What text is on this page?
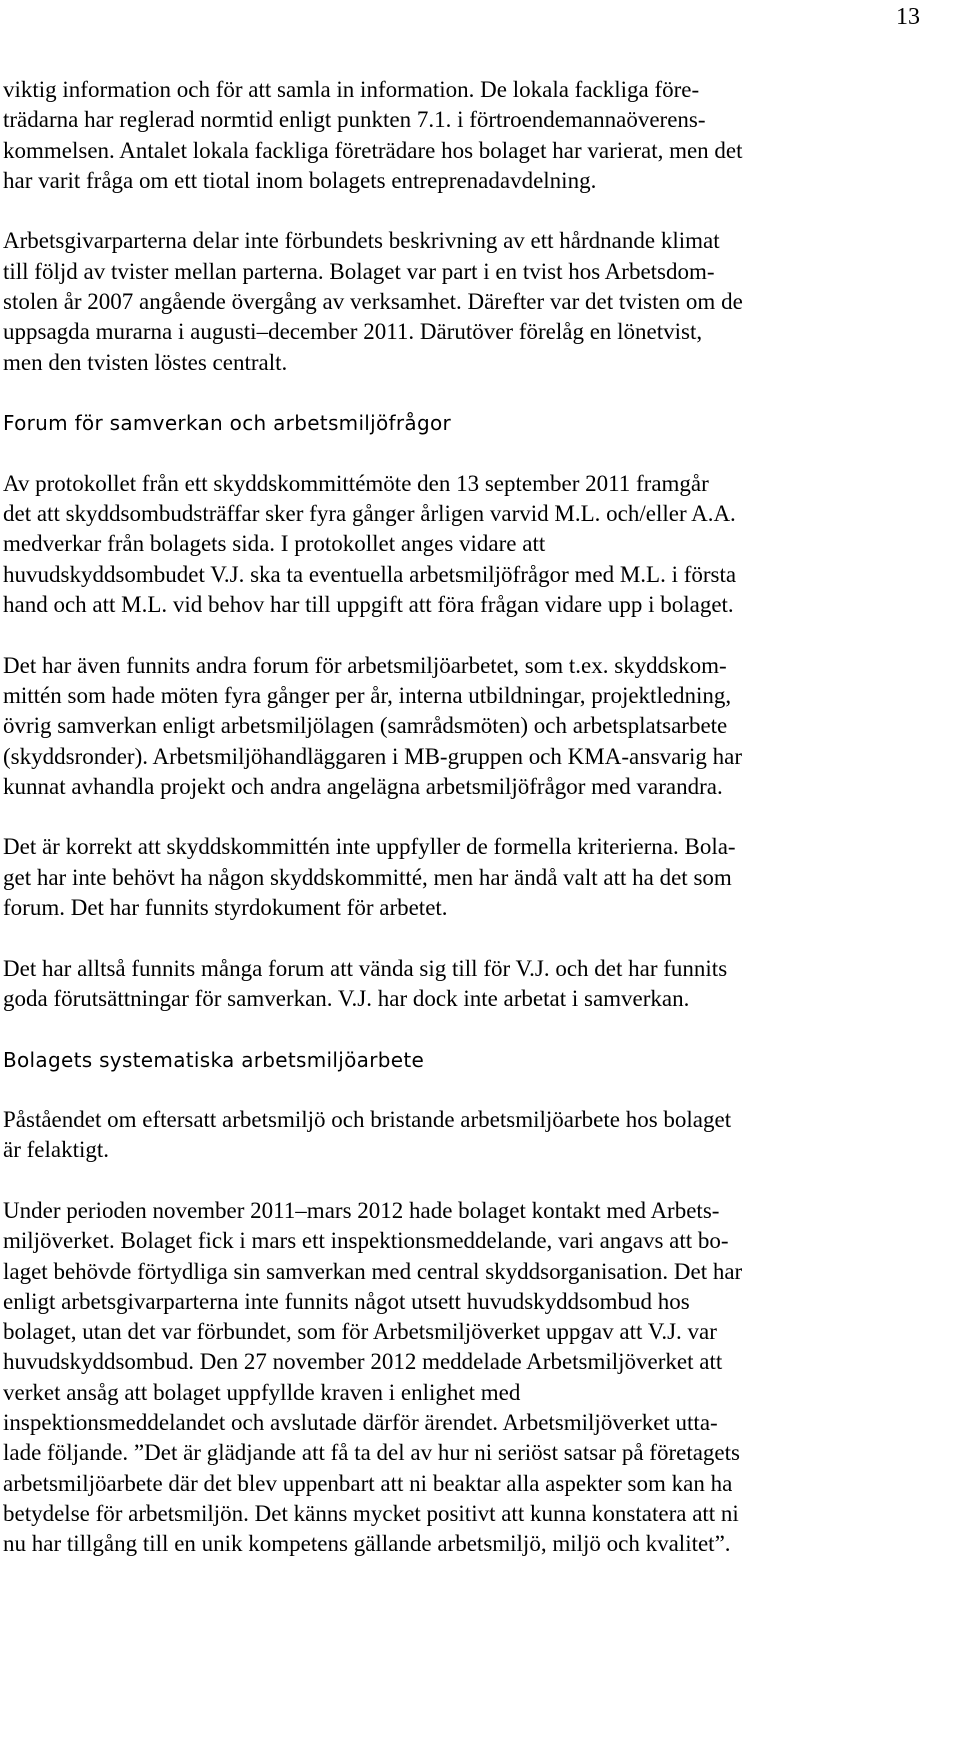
13
viktig information och för att samla in information. De lokala fackliga före-
trädarna har reglerad normtid enligt punkten 7.1. i förtroendemannaöverens-
kommelsen. Antalet lokala fackliga företrädare hos bolaget har varierat, men det
har varit fråga om ett tiotal inom bolagets entreprenadavdelning.
Arbetsgivarparterna delar inte förbundets beskrivning av ett hårdnande klimat
till följd av tvister mellan parterna. Bolaget var part i en tvist hos Arbetsdom-
stolen år 2007 angående övergång av verksamhet. Därefter var det tvisten om de
uppsagda murarna i augusti–december 2011. Därutöver förelåg en lönetvist,
men den tvisten löstes centralt.
Forum för samverkan och arbetsmiljöfrågor
Av protokollet från ett skyddskommittémöte den 13 september 2011 framgår
det att skyddsombudsträffar sker fyra gånger årligen varvid M.L. och/eller A.A.
medverkar från bolagets sida. I protokollet anges vidare att
huvudskyddsombudet V.J. ska ta eventuella arbetsmiljöfrågor med M.L. i första
hand och att M.L. vid behov har till uppgift att föra frågan vidare upp i bolaget.
Det har även funnits andra forum för arbetsmiljöarbetet, som t.ex. skyddskom-
mittén som hade möten fyra gånger per år, interna utbildningar, projektledning,
övrig samverkan enligt arbetsmiljölagen (samrådsmöten) och arbetsplatsarbete
(skyddsronder). Arbetsmiljöhandläggaren i MB-gruppen och KMA-ansvarig har
kunnat avhandla projekt och andra angelägna arbetsmiljöfrågor med varandra.
Det är korrekt att skyddskommittén inte uppfyller de formella kriterierna. Bola-
get har inte behövt ha någon skyddskommitté, men har ändå valt att ha det som
forum. Det har funnits styrdokument för arbetet.
Det har alltså funnits många forum att vända sig till för V.J. och det har funnits
goda förutsättningar för samverkan. V.J. har dock inte arbetat i samverkan.
Bolagets systematiska arbetsmiljöarbete
Påståendet om eftersatt arbetsmiljö och bristande arbetsmiljöarbete hos bolaget
är felaktigt.
Under perioden november 2011–mars 2012 hade bolaget kontakt med Arbets-
miljöverket. Bolaget fick i mars ett inspektionsmeddelande, vari angavs att bo-
laget behövde förtydliga sin samverkan med central skyddsorganisation. Det har
enligt arbetsgivarparterna inte funnits något utsett huvudskyddsombud hos
bolaget, utan det var förbundet, som för Arbetsmiljöverket uppgav att V.J. var
huvudskyddsombud. Den 27 november 2012 meddelade Arbetsmiljöverket att
verket ansåg att bolaget uppfyllde kraven i enlighet med
inspektionsmeddelandet och avslutade därför ärendet. Arbetsmiljöverket utta-
lade följande. ”Det är glädjande att få ta del av hur ni seriöst satsar på företagets
arbetsmiljöarbete där det blev uppenbart att ni beaktar alla aspekter som kan ha
betydelse för arbetsmiljön. Det känns mycket positivt att kunna konstatera att ni
nu har tillgång till en unik kompetens gällande arbetsmiljö, miljö och kvalitet”.
